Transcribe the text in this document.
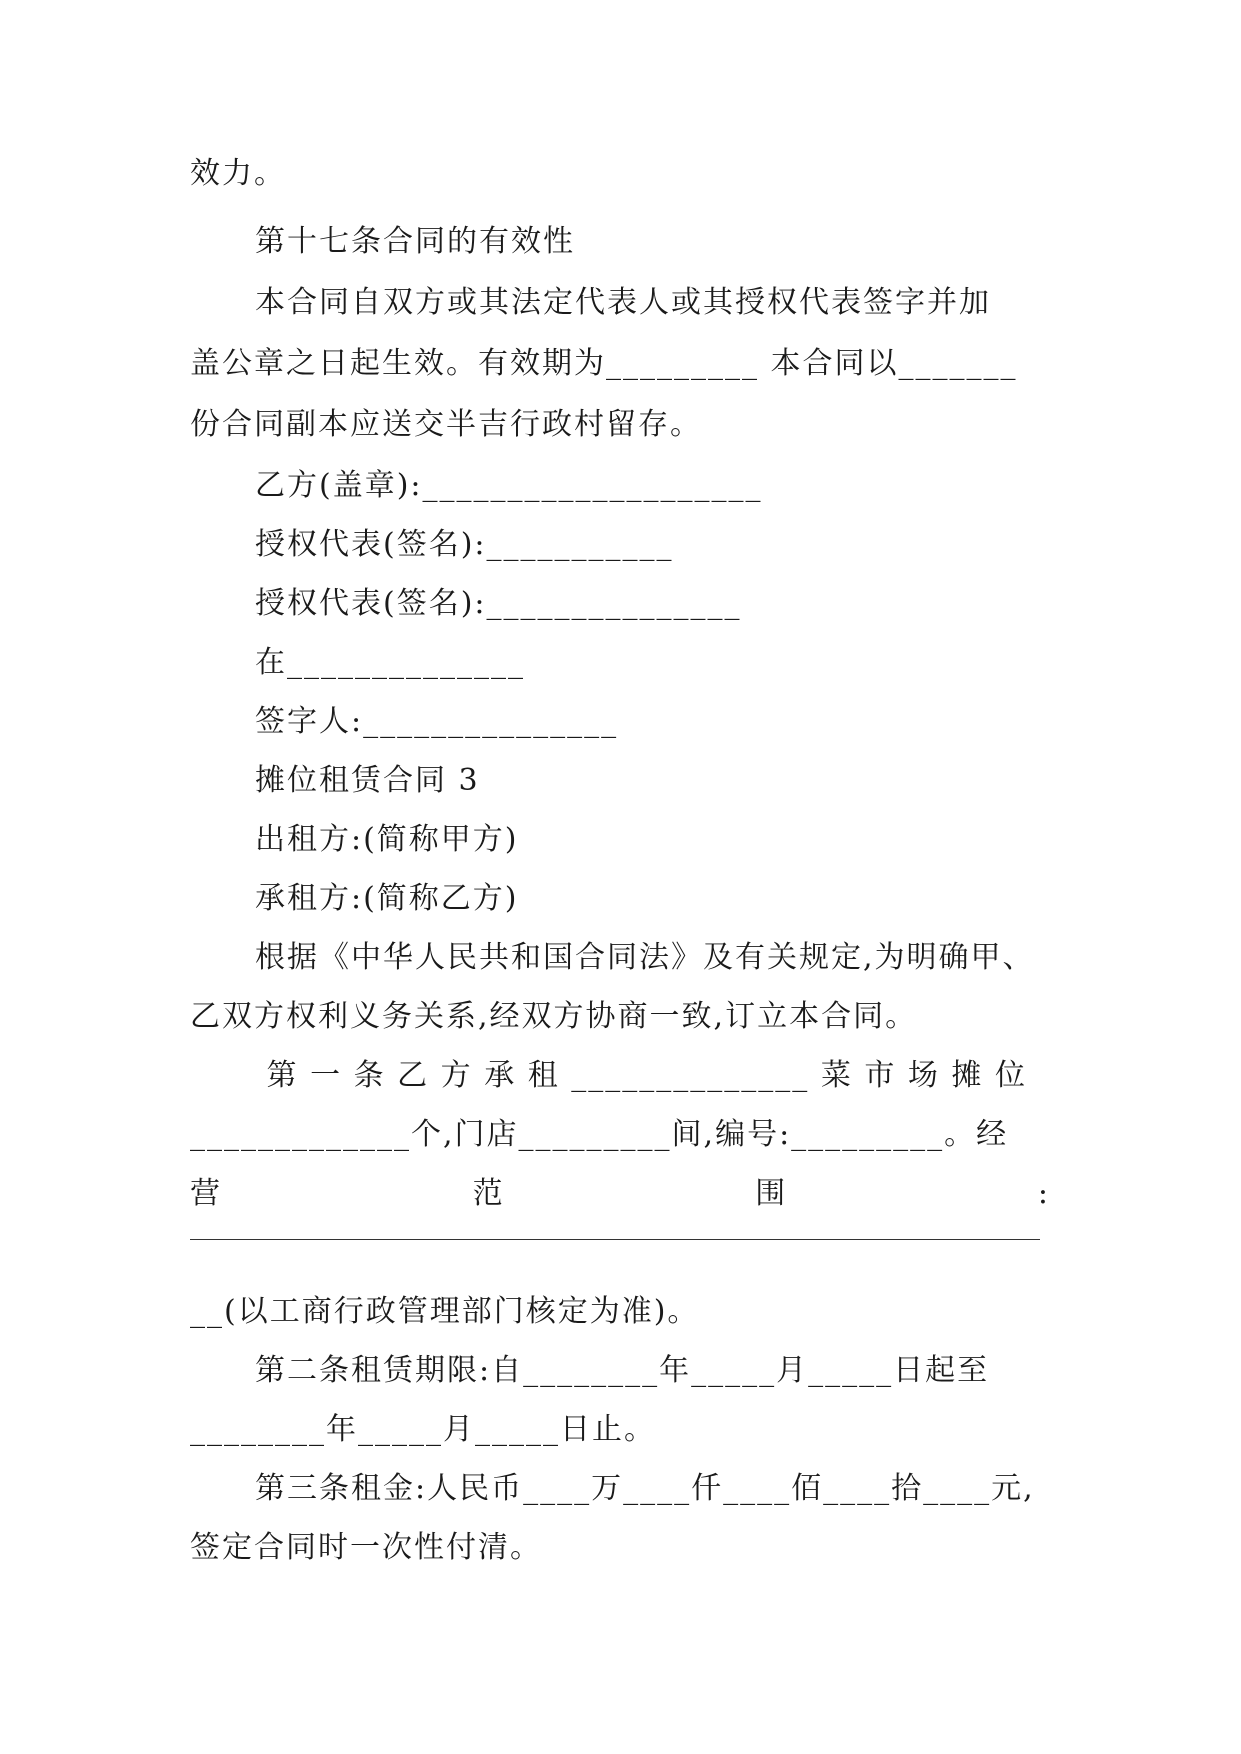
效力。
第十七条合同的有效性
本合同自双方或其法定代表人或其授权代表签字并加
盖公章之日起生效。有效期为_________ 本合同以_______
份合同副本应送交半吉行政村留存。
乙方(盖章):____________________
授权代表(签名):___________
授权代表(签名):_______________
在______________
签字人:_______________
摊位租赁合同 3
出租方:(简称甲方)
承租方:(简称乙方)
根据《中华人民共和国合同法》及有关规定,为明确甲、
乙双方权利义务关系,经双方协商一致,订立本合同。
第 一 条 乙 方 承 租 ______________ 菜 市 场 摊 位
_____________个,门店_________间,编号:_________。经
营	范	围	:
__(以工商行政管理部门核定为准)。
第二条租赁期限:自________年_____月_____日起至
________年_____月_____日止。
第三条租金:人民币____万____仟____佰____拾____元,
签定合同时一次性付清。
